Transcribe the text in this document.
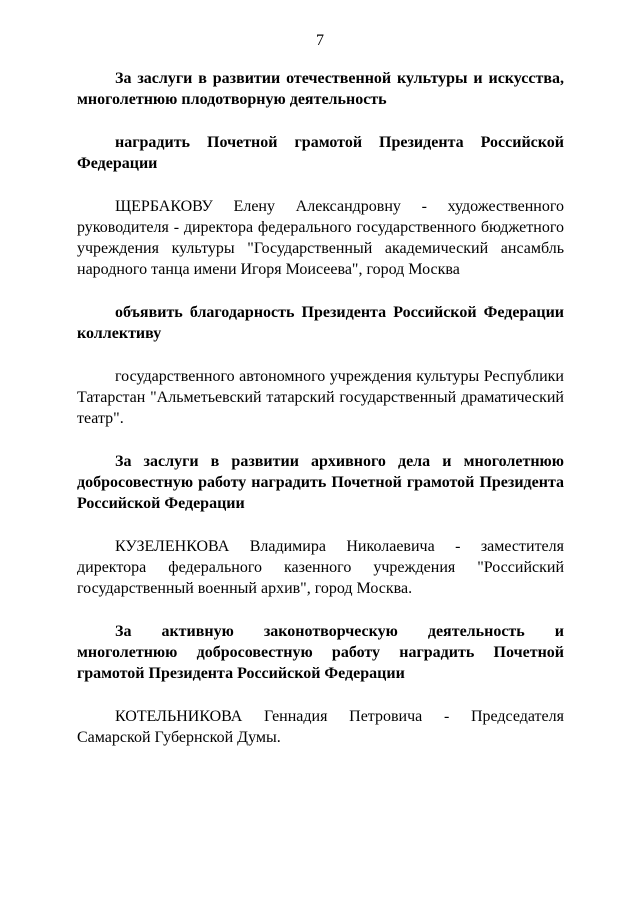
7

За заслуги в развитии отечественной культуры и искусства, многолетнюю плодотворную деятельность

наградить Почетной грамотой Президента Российской Федерации

ЩЕРБАКОВУ Елену Александровну - художественного руководителя - директора федерального государственного бюджетного учреждения культуры "Государственный академический ансамбль народного танца имени Игоря Моисеева", город Москва

объявить благодарность Президента Российской Федерации коллективу

государственного автономного учреждения культуры Республики Татарстан "Альметьевский татарский государственный драматический театр".

За заслуги в развитии архивного дела и многолетнюю добросовестную работу наградить Почетной грамотой Президента Российской Федерации

КУЗЕЛЕНКОВА Владимира Николаевича - заместителя директора федерального казенного учреждения "Российский государственный военный архив", город Москва.

За активную законотворческую деятельность и многолетнюю добросовестную работу наградить Почетной грамотой Президента Российской Федерации

КОТЕЛЬНИКОВА Геннадия Петровича - Председателя Самарской Губернской Думы.
